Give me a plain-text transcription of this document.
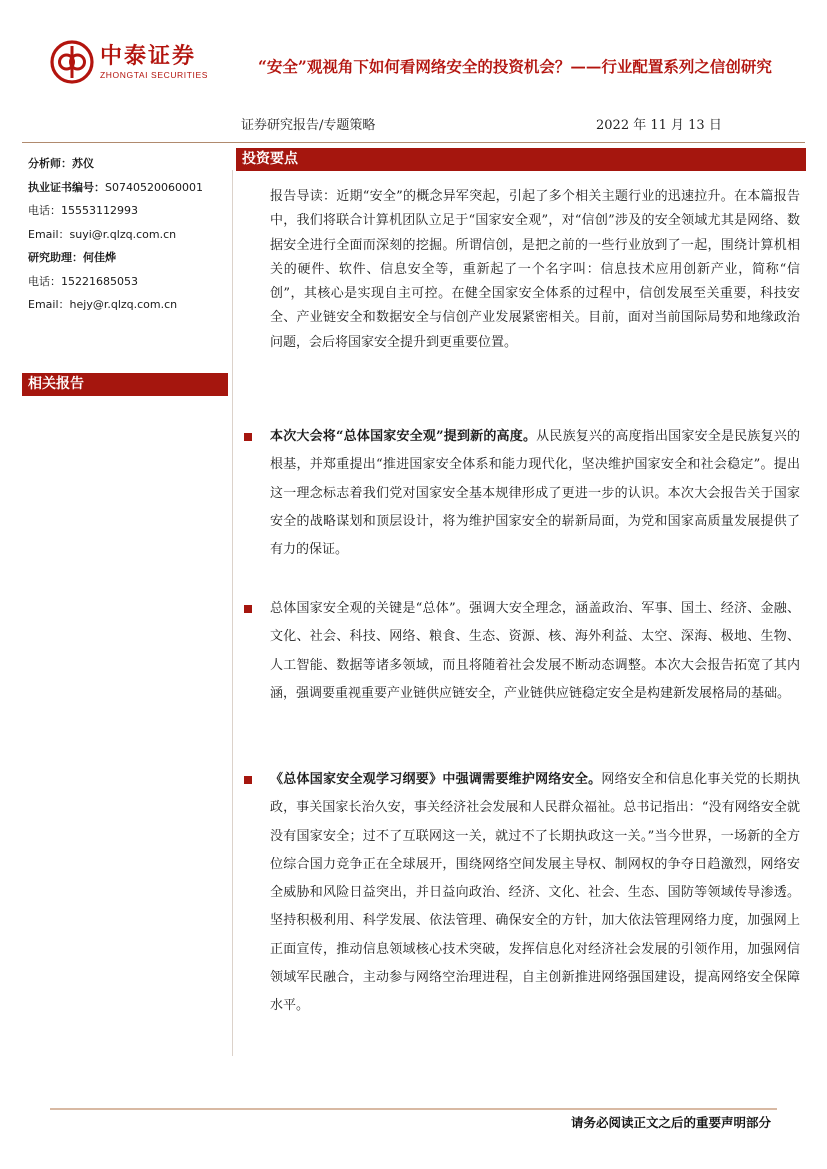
中泰证券
ZHONGTAI SECURITIES	“安全”观视角下如何看网络安全的投资机会？——行业配置系列之信创研究
证券研究报告/专题策略	2022 年 11 月 13 日
分析师：苏仪
执业证书编号：S0740520060001
电话：15553112993
Email：suyi@r.qlzq.com.cn
研究助理：何佳烨
电话：15221685053
Email：hejy@r.qlzq.com.cn
相关报告
投资要点
报告导读：近期“安全”的概念异军突起，引起了多个相关主题行业的迅速拉升。在本篇报告中，我们将联合计算机团队立足于“国家安全观”，对“信创”涉及的安全领域尤其是网络、数据安全进行全面而深刻的挖掘。所谓信创，是把之前的一些行业放到了一起，围绕计算机相关的硬件、软件、信息安全等，重新起了一个名字叫：信息技术应用创新产业，简称“信创”，其核心是实现自主可控。在健全国家安全体系的过程中，信创发展至关重要，科技安全、产业链安全和数据安全与信创产业发展紧密相关。目前，面对当前国际局势和地缘政治问题，会后将国家安全提升到更重要位置。
本次大会将“总体国家安全观”提到新的高度。从民族复兴的高度指出国家安全是民族复兴的根基，并郑重提出“推进国家安全体系和能力现代化，坚决维护国家安全和社会稳定”。提出这一理念标志着我们党对国家安全基本规律形成了更进一步的认识。本次大会报告关于国家安全的战略谋划和顶层设计，将为维护国家安全的崭新局面，为党和国家高质量发展提供了有力的保证。
总体国家安全观的关键是“总体”。强调大安全理念，涵盖政治、军事、国土、经济、金融、文化、社会、科技、网络、粮食、生态、资源、核、海外利益、太空、深海、极地、生物、人工智能、数据等诸多领域，而且将随着社会发展不断动态调整。本次大会报告拓宽了其内涵，强调要重视重要产业链供应链安全，产业链供应链稳定安全是构建新发展格局的基础。
《总体国家安全观学习纲要》中强调需要维护网络安全。网络安全和信息化事关党的长期执政，事关国家长治久安，事关经济社会发展和人民群众福祉。总书记指出：“没有网络安全就没有国家安全；过不了互联网这一关，就过不了长期执政这一关。”当今世界，一场新的全方位综合国力竞争正在全球展开，围绕网络空间发展主导权、制网权的争夺日趋激烈，网络安全威胁和风险日益突出，并日益向政治、经济、文化、社会、生态、国防等领域传导渗透。坚持积极利用、科学发展、依法管理、确保安全的方针，加大依法管理网络力度，加强网上正面宣传，推动信息领域核心技术突破，发挥信息化对经济社会发展的引领作用，加强网信领域军民融合，主动参与网络空治理进程，自主创新推进网络强国建设，提高网络安全保障水平。
请务必阅读正文之后的重要声明部分
